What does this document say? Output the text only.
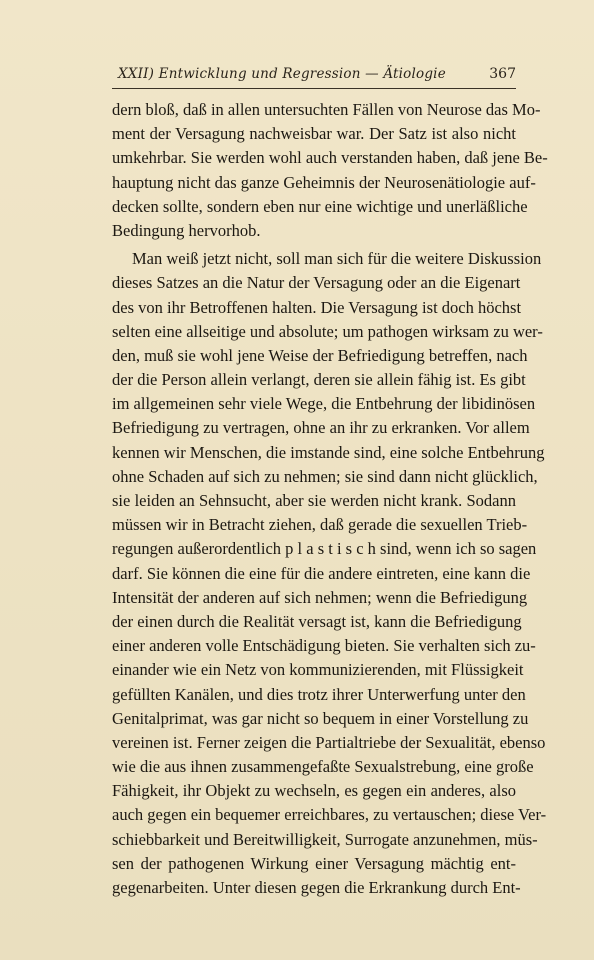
XXII) Entwicklung und Regression — Ätiologie	367
dern bloß, daß in allen untersuchten Fällen von Neurose das Mo-
ment der Versagung nachweisbar war. Der Satz ist also nicht
umkehrbar. Sie werden wohl auch verstanden haben, daß jene Be-
hauptung nicht das ganze Geheimnis der Neurosenätiologie auf-
decken sollte, sondern eben nur eine wichtige und unerläßliche
Bedingung hervorhob.
Man weiß jetzt nicht, soll man sich für die weitere Diskussion
dieses Satzes an die Natur der Versagung oder an die Eigenart
des von ihr Betroffenen halten. Die Versagung ist doch höchst
selten eine allseitige und absolute; um pathogen wirksam zu wer-
den, muß sie wohl jene Weise der Befriedigung betreffen, nach
der die Person allein verlangt, deren sie allein fähig ist. Es gibt
im allgemeinen sehr viele Wege, die Entbehrung der libidinösen
Befriedigung zu vertragen, ohne an ihr zu erkranken. Vor allem
kennen wir Menschen, die imstande sind, eine solche Entbehrung
ohne Schaden auf sich zu nehmen; sie sind dann nicht glücklich,
sie leiden an Sehnsucht, aber sie werden nicht krank. Sodann
müssen wir in Betracht ziehen, daß gerade die sexuellen Trieb-
regungen außerordentlich p l a s t i s c h sind, wenn ich so sagen
darf. Sie können die eine für die andere eintreten, eine kann die
Intensität der anderen auf sich nehmen; wenn die Befriedigung
der einen durch die Realität versagt ist, kann die Befriedigung
einer anderen volle Entschädigung bieten. Sie verhalten sich zu-
einander wie ein Netz von kommunizierenden, mit Flüssigkeit
gefüllten Kanälen, und dies trotz ihrer Unterwerfung unter den
Genitalprimat, was gar nicht so bequem in einer Vorstellung zu
vereinen ist. Ferner zeigen die Partialtriebe der Sexualität, ebenso
wie die aus ihnen zusammengefaßte Sexualstrebung, eine große
Fähigkeit, ihr Objekt zu wechseln, es gegen ein anderes, also
auch gegen ein bequemer erreichbares, zu vertauschen; diese Ver-
schiebbarkeit und Bereitwilligkeit, Surrogate anzunehmen, müs-
sen der pathogenen Wirkung einer Versagung mächtig ent-
gegenarbeiten. Unter diesen gegen die Erkrankung durch Ent-
